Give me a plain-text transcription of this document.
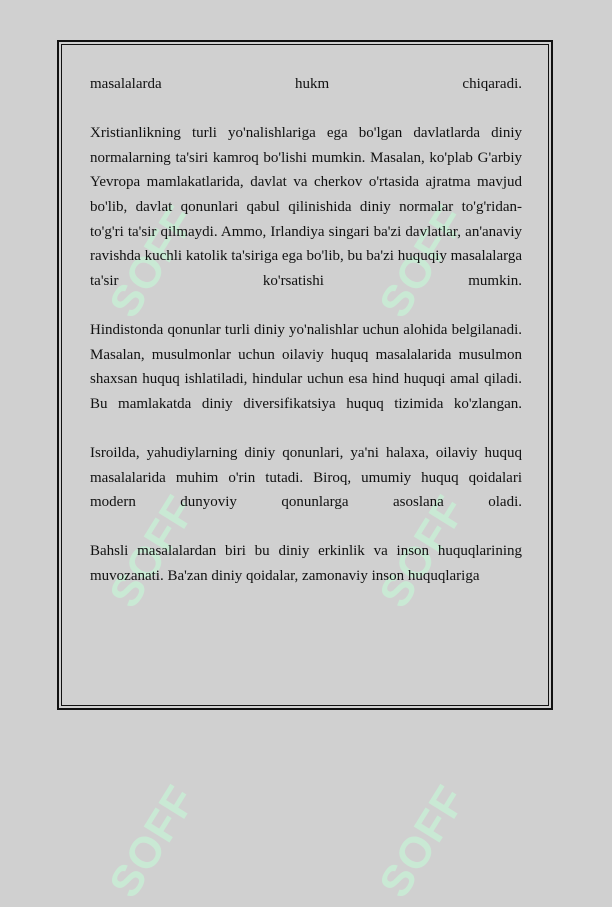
SOFF	SOFF
SOFF	SOFF
SOFF	SOFF

masalalarda hukm chiqaradi.

Xristianlikning turli yo'nalishlariga ega bo'lgan davlatlarda diniy normalarning ta'siri kamroq bo'lishi mumkin. Masalan, ko'plab G'arbiy Yevropa mamlakatlarida, davlat va cherkov o'rtasida ajratma mavjud bo'lib, davlat qonunlari qabul qilinishida diniy normalar to'g'ridan-to'g'ri ta'sir qilmaydi. Ammo, Irlandiya singari ba'zi davlatlar, an'anaviy ravishda kuchli katolik ta'siriga ega bo'lib, bu ba'zi huquqiy masalalarga ta'sir ko'rsatishi mumkin.

Hindistonda qonunlar turli diniy yo'nalishlar uchun alohida belgilanadi. Masalan, musulmonlar uchun oilaviy huquq masalalarida musulmon shaxsan huquq ishlatiladi, hindular uchun esa hind huquqi amal qiladi. Bu mamlakatda diniy diversifikatsiya huquq tizimida ko'zlangan.

Isroilda, yahudiylarning diniy qonunlari, ya'ni halaxa, oilaviy huquq masalalarida muhim o'rin tutadi. Biroq, umumiy huquq qoidalari modern dunyoviy qonunlarga asoslana oladi.

Bahsli masalalardan biri bu diniy erkinlik va inson huquqlarining muvozanati. Ba'zan diniy qoidalar, zamonaviy inson huquqlariga
